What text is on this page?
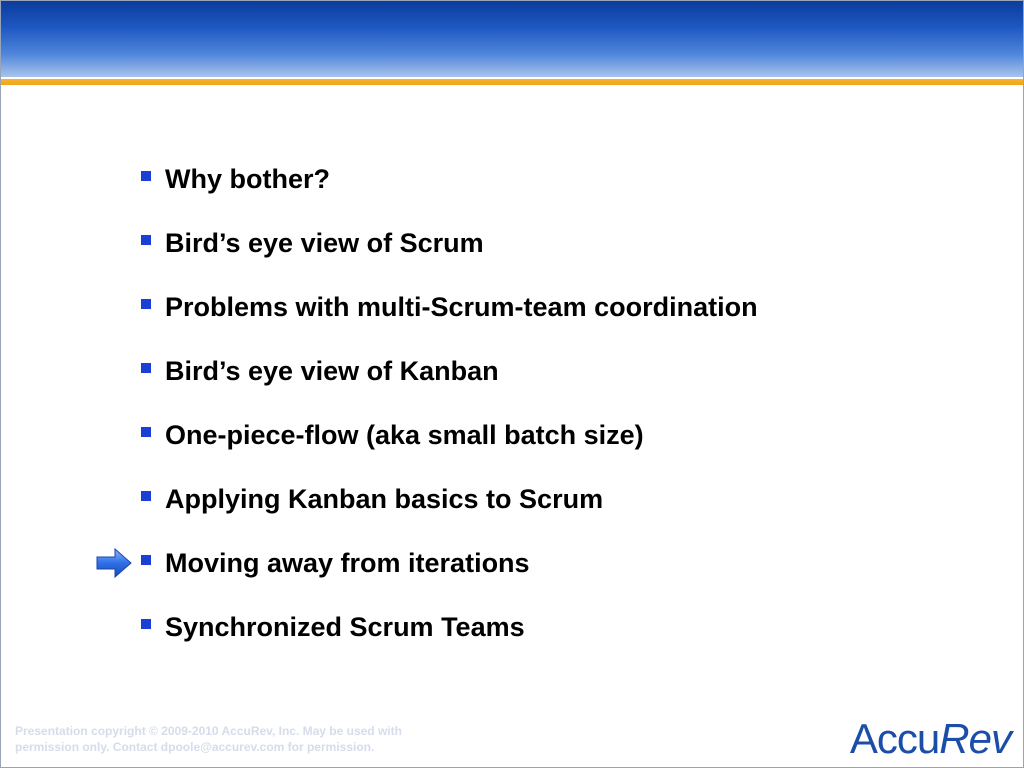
Why bother?
Bird’s eye view of Scrum
Problems with multi-Scrum-team coordination
Bird’s eye view of Kanban
One-piece-flow (aka small batch size)
Applying Kanban basics to Scrum
Moving away from iterations
Synchronized Scrum Teams
Presentation copyright © 2009-2010 AccuRev, Inc. May be used with permission only. Contact dpoole@accurev.com for permission.	Accu Rev
